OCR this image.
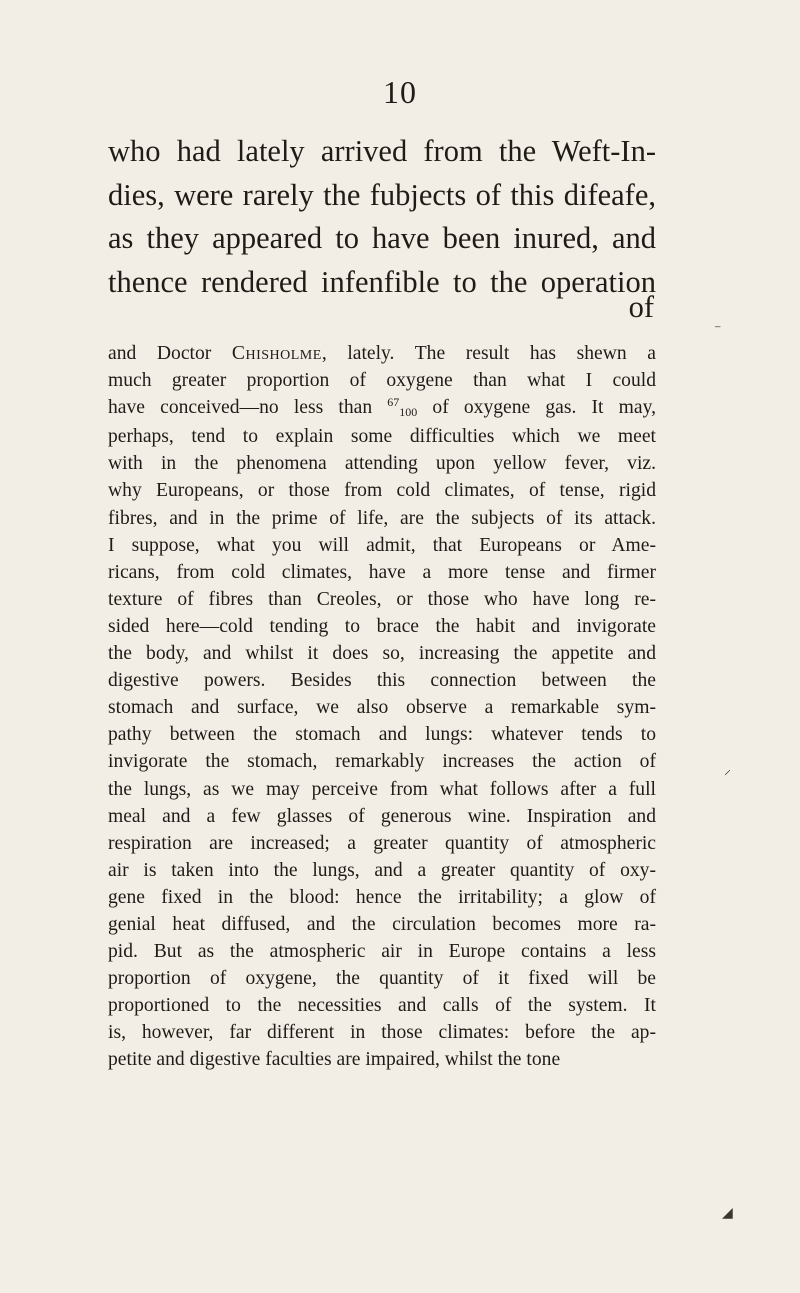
10
who had lately arrived from the Weft-In-
dies, were rarely the fubjects of this difeafe,
as they appeared to have been inured, and
thence rendered infenfible to the operation
of
and Doctor Chisholme, lately. The result has shewn a
much greater proportion of oxygene than what I could
have conceived—no less than 67100 of oxygene gas. It may,
perhaps, tend to explain some difficulties which we meet
with in the phenomena attending upon yellow fever, viz.
why Europeans, or those from cold climates, of tense, rigid
fibres, and in the prime of life, are the subjects of its attack.
I suppose, what you will admit, that Europeans or Ame-
ricans, from cold climates, have a more tense and firmer
texture of fibres than Creoles, or those who have long re-
sided here—cold tending to brace the habit and invigorate
the body, and whilst it does so, increasing the appetite and
digestive powers. Besides this connection between the
stomach and surface, we also observe a remarkable sym-
pathy between the stomach and lungs: whatever tends to
invigorate the stomach, remarkably increases the action of
the lungs, as we may perceive from what follows after a full
meal and a few glasses of generous wine. Inspiration and
respiration are increased; a greater quantity of atmospheric
air is taken into the lungs, and a greater quantity of oxy-
gene fixed in the blood: hence the irritability; a glow of
genial heat diffused, and the circulation becomes more ra-
pid. But as the atmospheric air in Europe contains a less
proportion of oxygene, the quantity of it fixed will be
proportioned to the necessities and calls of the system. It
is, however, far different in those climates: before the ap-
petite and digestive faculties are impaired, whilst the tone
⁻
⸝
◢
